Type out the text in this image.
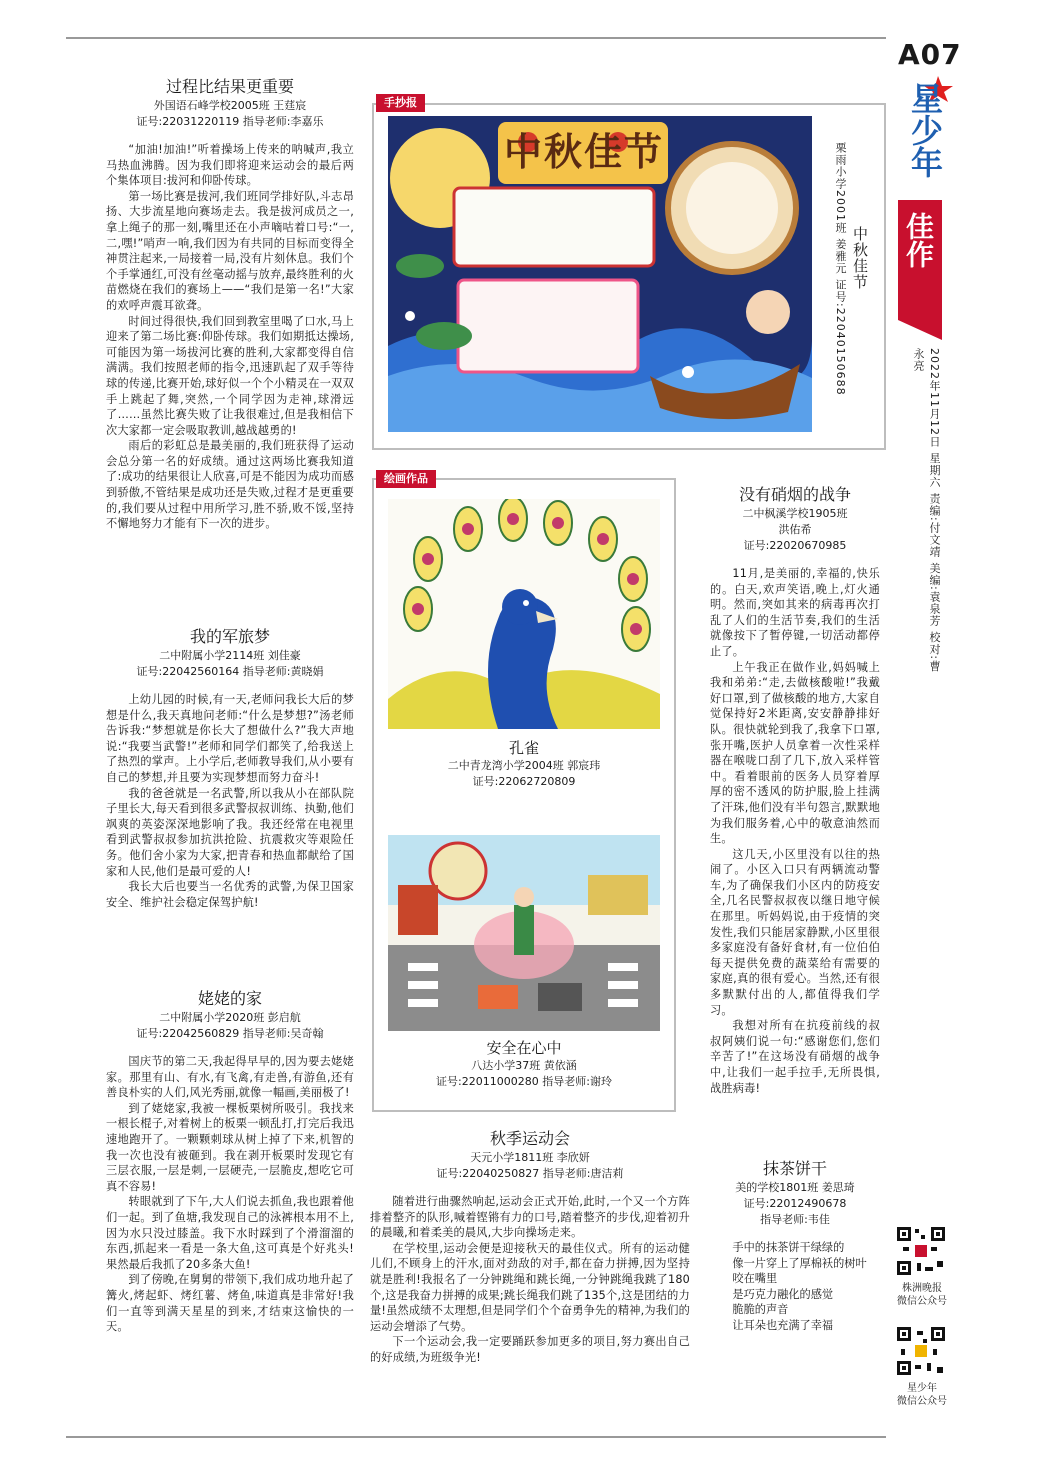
A07
星少年
佳作
2022年11月12日 星期六 责编:付文靖 美编:袁泉芳 校对:曹永亮
株洲晚报
微信公众号
星少年
微信公众号
过程比结果更重要
外国语石峰学校2005班 王莛宸
证号:22031220119 指导老师:李嘉乐

“加油!加油!”听着操场上传来的呐喊声,我立马热血沸腾。因为我们即将迎来运动会的最后两个集体项目:拔河和仰卧传球。

第一场比赛是拔河,我们班同学排好队,斗志昂扬、大步流星地向赛场走去。我是拔河成员之一,拿上绳子的那一刻,嘴里还在小声嘀咕着口号:“一,二,嘿!”哨声一响,我们因为有共同的目标而变得全神贯注起来,一局接着一局,没有片刻休息。我们个个手掌通红,可没有丝毫动摇与放弃,最终胜利的火苗燃烧在我们的赛场上——“我们是第一名!”大家的欢呼声震耳欲聋。

时间过得很快,我们回到教室里喝了口水,马上迎来了第二场比赛:仰卧传球。我们如期抵达操场,可能因为第一场拔河比赛的胜利,大家都变得自信满满。我们按照老师的指令,迅速趴起了双手等待球的传递,比赛开始,球好似一个个小精灵在一双双手上跳起了舞,突然,一个同学因为走神,球滑远了……虽然比赛失败了让我很难过,但是我相信下次大家都一定会吸取教训,越战越勇的!

雨后的彩虹总是最美丽的,我们班获得了运动会总分第一名的好成绩。通过这两场比赛我知道了:成功的结果很让人欣喜,可是不能因为成功而感到骄傲,不管结果是成功还是失败,过程才是更重要的,我们要从过程中用所学习,胜不骄,败不馁,坚持不懈地努力才能有下一次的进步。

我的军旅梦
二中附属小学2114班 刘佳豪
证号:22042560164 指导老师:黄晓娟

上幼儿园的时候,有一天,老师问我长大后的梦想是什么,我天真地问老师:“什么是梦想?”汤老师告诉我:“梦想就是你长大了想做什么?”我大声地说:“我要当武警!”老师和同学们都笑了,给我送上了热烈的掌声。上小学后,老师教导我们,从小要有自己的梦想,并且要为实现梦想而努力奋斗!

我的爸爸就是一名武警,所以我从小在部队院子里长大,每天看到很多武警叔叔训练、执勤,他们飒爽的英姿深深地影响了我。我还经常在电视里看到武警叔叔参加抗洪抢险、抗震救灾等艰险任务。他们舍小家为大家,把青春和热血都献给了国家和人民,他们是最可爱的人!

我长大后也要当一名优秀的武警,为保卫国家安全、维护社会稳定保驾护航!

姥姥的家
二中附属小学2020班 彭启航
证号:22042560829 指导老师:吴奇翰

国庆节的第二天,我起得早早的,因为要去姥姥家。那里有山、有水,有飞禽,有走兽,有游鱼,还有善良朴实的人们,风光秀丽,就像一幅画,美丽极了!

到了姥姥家,我被一棵板栗树所吸引。我找来一根长棍子,对着树上的板栗一顿乱打,打完后我迅速地跑开了。一颗颗刺球从树上掉了下来,机智的我一次也没有被砸到。我在剥开板栗时发现它有三层衣服,一层是刺,一层硬壳,一层脆皮,想吃它可真不容易!

转眼就到了下午,大人们说去抓鱼,我也跟着他们一起。到了鱼塘,我发现自己的泳裤根本用不上,因为水只没过膝盖。我下水时踩到了个滑溜溜的东西,抓起来一看是一条大鱼,这可真是个好兆头!果然最后我抓了20多条大鱼!

到了傍晚,在舅舅的带领下,我们成功地升起了篝火,烤起虾、烤红薯、烤鱼,味道真是非常好!我们一直等到满天星星的到来,才结束这愉快的一天。

手抄报
中秋佳节
中秋佳节
栗雨小学2001班 姜雅元 证号:22040150688
绘画作品
孔雀
二中青龙湾小学2004班 郭宸玮
证号:22062720809
安全在心中
八达小学37班 黄依涵
证号:22011000280 指导老师:谢玲
秋季运动会
天元小学1811班 李欣妍
证号:22040250827 指导老师:唐洁莉

随着进行曲骤然响起,运动会正式开始,此时,一个又一个方阵排着整齐的队形,喊着铿锵有力的口号,踏着整齐的步伐,迎着初升的晨曦,和着柔美的晨风,大步向操场走来。

在学校里,运动会便是迎接秋天的最佳仪式。所有的运动健儿们,不顾身上的汗水,面对劲敌的对手,都在奋力拼搏,因为坚持就是胜利!我报名了一分钟跳绳和跳长绳,一分钟跳绳我跳了180个,这是我奋力拼搏的成果;跳长绳我们跳了135个,这是团结的力量!虽然成绩不太理想,但是同学们个个奋勇争先的精神,为我们的运动会增添了气势。

下一个运动会,我一定要踊跃参加更多的项目,努力赛出自己的好成绩,为班级争光!

没有硝烟的战争
二中枫溪学校1905班
洪佑希
证号:22020670985

11月,是美丽的,幸福的,快乐的。白天,欢声笑语,晚上,灯火通明。然而,突如其来的病毒再次打乱了人们的生活节奏,我们的生活就像按下了暂停键,一切活动都停止了。

上午我正在做作业,妈妈喊上我和弟弟:“走,去做核酸啦!”我戴好口罩,到了做核酸的地方,大家自觉保持好2米距离,安安静静排好队。很快就轮到我了,我拿下口罩,张开嘴,医护人员拿着一次性采样器在喉咙口刮了几下,放入采样管中。看着眼前的医务人员穿着厚厚的密不透风的防护服,脸上挂满了汗珠,他们没有半句怨言,默默地为我们服务着,心中的敬意油然而生。

这几天,小区里没有以往的热闹了。小区入口只有两辆流动警车,为了确保我们小区内的防疫安全,几名民警叔叔夜以继日地守候在那里。听妈妈说,由于疫情的突发性,我们只能居家静默,小区里很多家庭没有备好食材,有一位伯伯每天提供免费的蔬菜给有需要的家庭,真的很有爱心。当然,还有很多默默付出的人,都值得我们学习。

我想对所有在抗疫前线的叔叔阿姨们说一句:“感谢您们,您们辛苦了!”在这场没有硝烟的战争中,让我们一起手拉手,无所畏惧,战胜病毒!

抹茶饼干
美的学校1801班 姜思琦
证号:22012490678
指导老师:韦佳

手中的抹茶饼干绿绿的

像一片穿上了厚棉袄的树叶

咬在嘴里

是巧克力融化的感觉

脆脆的声音

让耳朵也充满了幸福
